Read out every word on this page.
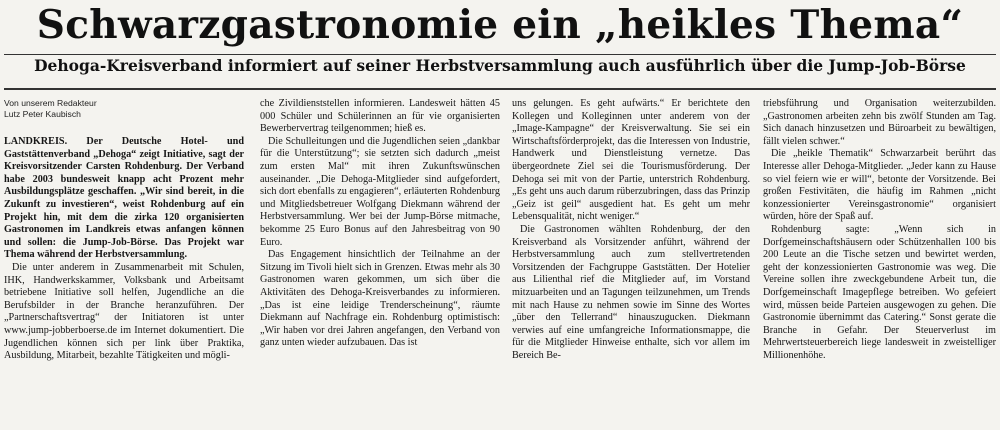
Schwarzgastronomie ein „heikles Thema“
Dehoga-Kreisverband informiert auf seiner Herbstversammlung auch ausführlich über die Jump-Job-Börse
Von unserem Redakteur
Lutz Peter Kaubisch

LANDKREIS. Der Deutsche Hotel- und Gaststättenverband „Dehoga“ zeigt Initiative, sagt der Kreisvorsitzender Carsten Rohdenburg. Der Verband habe 2003 bundesweit knapp acht Prozent mehr Ausbildungsplätze geschaffen. „Wir sind bereit, in die Zukunft zu investieren“, weist Rohdenburg auf ein Projekt hin, mit dem die zirka 120 organisierten Gastronomen im Landkreis etwas anfangen können und sollen: die Jump-Job-Börse. Das Projekt war Thema während der Herbstversammlung.

Die unter anderem in Zusammenarbeit mit Schulen, IHK, Handwerkskammer, Volksbank und Arbeitsamt betriebene Initiative soll helfen, Jugendliche an die Berufsbilder in der Branche heranzuführen. Der „Partnerschaftsvertrag“ der Initiatoren ist unter www.jump-jobberboerse.de im Internet dokumentiert. Die Jugendlichen können sich per link über Praktika, Ausbildung, Mitarbeit, bezahlte Tätigkeiten und mögli-

che Zivildienststellen informieren. Landesweit hätten 45 000 Schüler und Schülerinnen an für vie organisierten Bewerbervertrag teilgenommen; hieß es.

Die Schulleitungen und die Jugendlichen seien „dankbar für die Unterstützung“; sie setzten sich dadurch „meist zum ersten Mal“ mit ihren Zukunftswünschen auseinander. „Die Dehoga-Mitglieder sind aufgefordert, sich dort ebenfalls zu engagieren“, erläuterten Rohdenburg und Mitgliedsbetreuer Wolfgang Diekmann während der Herbstversammlung. Wer bei der Jump-Börse mitmache, bekomme 25 Euro Bonus auf den Jahresbeitrag von 90 Euro.

Das Engagement hinsichtlich der Teilnahme an der Sitzung im Tivoli hielt sich in Grenzen. Etwas mehr als 30 Gastronomen waren gekommen, um sich über die Aktivitäten des Dehoga-Kreisverbandes zu informieren. „Das ist eine leidige Trenderscheinung“, räumte Diekmann auf Nachfrage ein. Rohdenburg optimistisch: „Wir haben vor drei Jahren angefangen, den Verband von ganz unten wieder aufzubauen. Das ist

uns gelungen. Es geht aufwärts.“ Er berichtete den Kollegen und Kolleginnen unter anderem von der „Image-Kampagne“ der Kreisverwaltung. Sie sei ein Wirtschaftsförderprojekt, das die Interessen von Industrie, Handwerk und Dienstleistung vernetze. Das übergeordnete Ziel sei die Tourismusförderung. Der Dehoga sei mit von der Partie, unterstrich Rohdenburg. „Es geht uns auch darum rüberzubringen, dass das Prinzip „Geiz ist geil“ ausgedient hat. Es geht um mehr Lebensqualität, nicht weniger.“

Die Gastronomen wählten Rohdenburg, der den Kreisverband als Vorsitzender anführt, während der Herbstversammlung auch zum stellvertretenden Vorsitzenden der Fachgruppe Gaststätten. Der Hotelier aus Lilienthal rief die Mitglieder auf, im Vorstand mitzuarbeiten und an Tagungen teilzunehmen, um Trends mit nach Hause zu nehmen sowie im Sinne des Wortes „über den Tellerrand“ hinauszugucken. Diekmann verwies auf eine umfangreiche Informationsmappe, die für die Mitglieder Hinweise enthalte, sich vor allem im Bereich Be-

triebsführung und Organisation weiterzubilden. „Gastronomen arbeiten zehn bis zwölf Stunden am Tag. Sich danach hinzusetzen und Büroarbeit zu bewältigen, fällt vielen schwer.“

Die „heikle Thematik“ Schwarzarbeit berührt das Interesse aller Dehoga-Mitglieder. „Jeder kann zu Hause so viel feiern wie er will“, betonte der Vorsitzende. Bei großen Festivitäten, die häufig im Rahmen „nicht konzessionierter Vereinsgastronomie“ organisiert würden, höre der Spaß auf.

Rohdenburg sagte: „Wenn sich in Dorfgemeinschaftshäusern oder Schützenhallen 100 bis 200 Leute an die Tische setzen und bewirtet werden, geht der konzessionierten Gastronomie was weg. Die Vereine sollen ihre zweckgebundene Arbeit tun, die Dorfgemeinschaft Imagepflege betreiben. Wo gefeiert wird, müssen beide Parteien ausgewogen zu gehen. Die Gastronomie übernimmt das Catering.“ Sonst gerate die Branche in Gefahr. Der Steuerverlust im Mehrwertsteuerbereich liege landesweit in zweistelliger Millionenhöhe.
